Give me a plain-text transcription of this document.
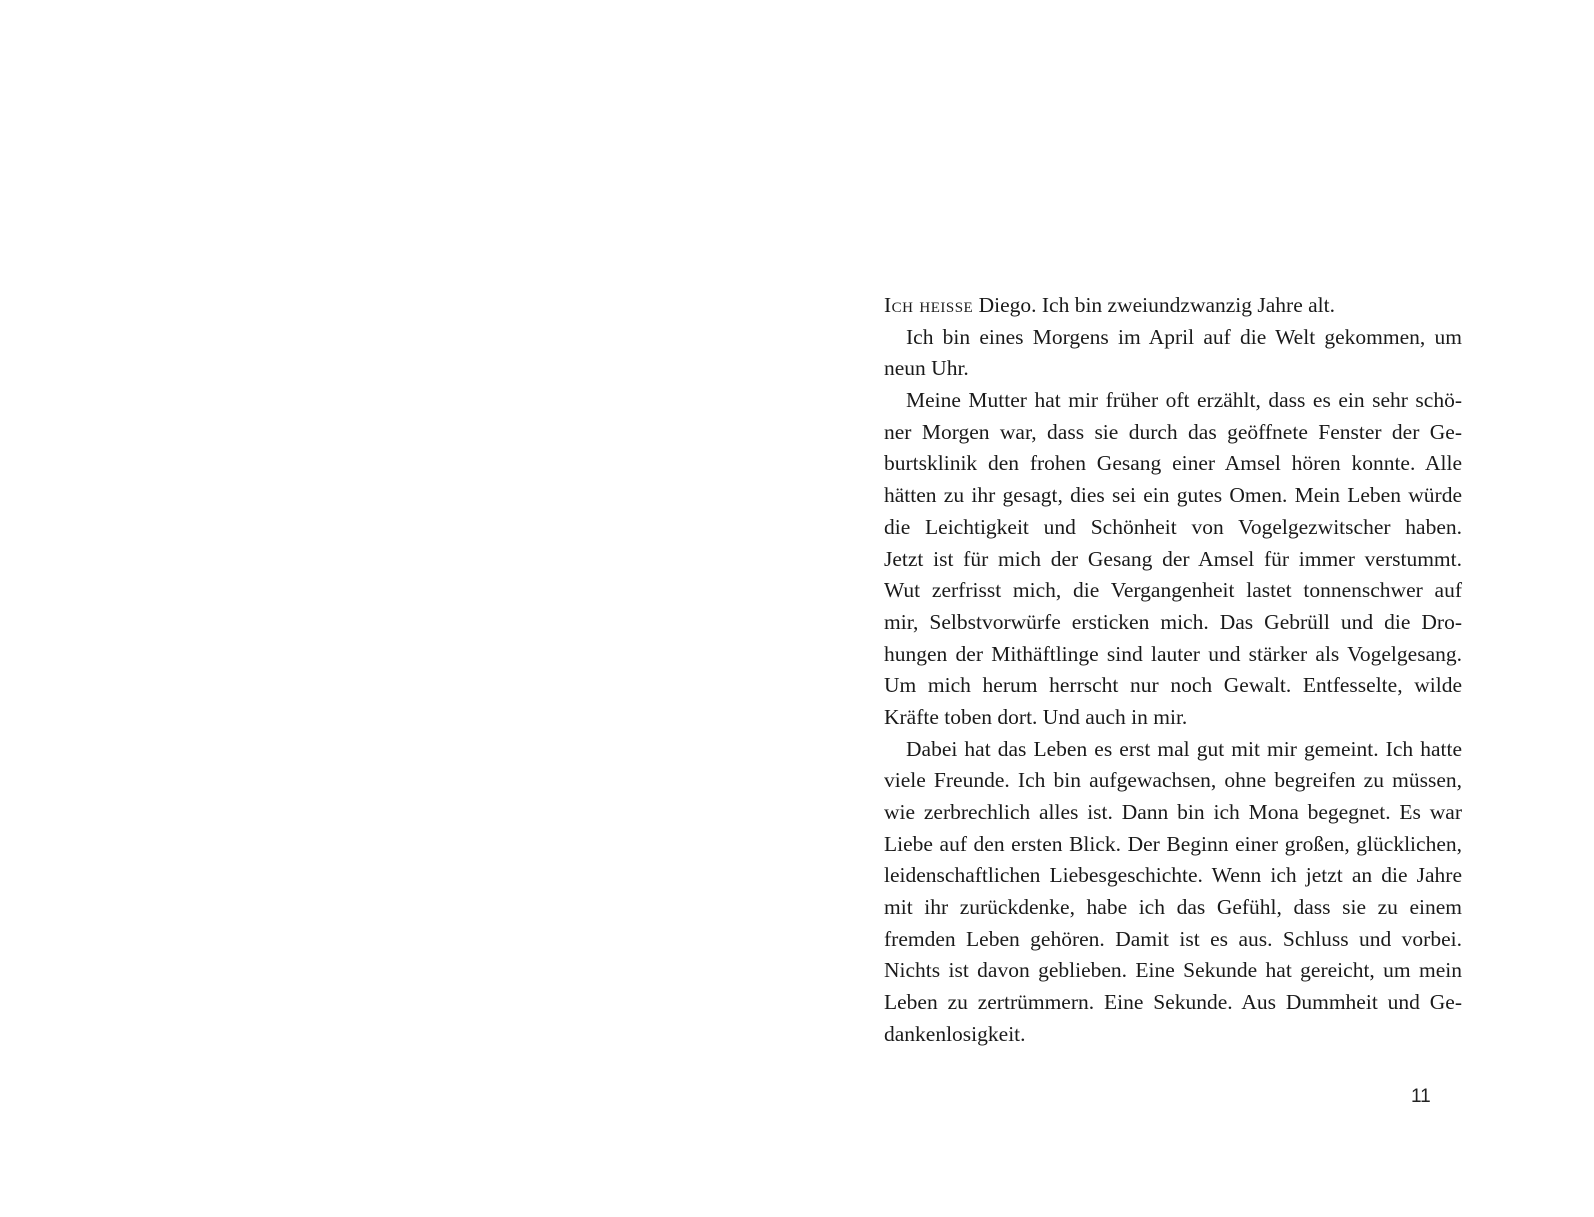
Ich heisse Diego. Ich bin zweiundzwanzig Jahre alt.
Ich bin eines Morgens im April auf die Welt gekommen, um
neun Uhr.
Meine Mutter hat mir früher oft erzählt, dass es ein sehr schö-
ner Morgen war, dass sie durch das geöffnete Fenster der Ge-
burtsklinik den frohen Gesang einer Amsel hören konnte. Alle
hätten zu ihr gesagt, dies sei ein gutes Omen. Mein Leben würde
die Leichtigkeit und Schönheit von Vogelgezwitscher haben.
Jetzt ist für mich der Gesang der Amsel für immer verstummt.
Wut zerfrisst mich, die Vergangenheit lastet tonnenschwer auf
mir, Selbstvorwürfe ersticken mich. Das Gebrüll und die Dro-
hungen der Mithäftlinge sind lauter und stärker als Vogelgesang.
Um mich herum herrscht nur noch Gewalt. Entfesselte, wilde
Kräfte toben dort. Und auch in mir.
Dabei hat das Leben es erst mal gut mit mir gemeint. Ich hatte
viele Freunde. Ich bin aufgewachsen, ohne begreifen zu müssen,
wie zerbrechlich alles ist. Dann bin ich Mona begegnet. Es war
Liebe auf den ersten Blick. Der Beginn einer großen, glücklichen,
leidenschaftlichen Liebesgeschichte. Wenn ich jetzt an die Jahre
mit ihr zurückdenke, habe ich das Gefühl, dass sie zu einem
fremden Leben gehören. Damit ist es aus. Schluss und vorbei.
Nichts ist davon geblieben. Eine Sekunde hat gereicht, um mein
Leben zu zertrümmern. Eine Sekunde. Aus Dummheit und Ge-
dankenlosigkeit.
11
